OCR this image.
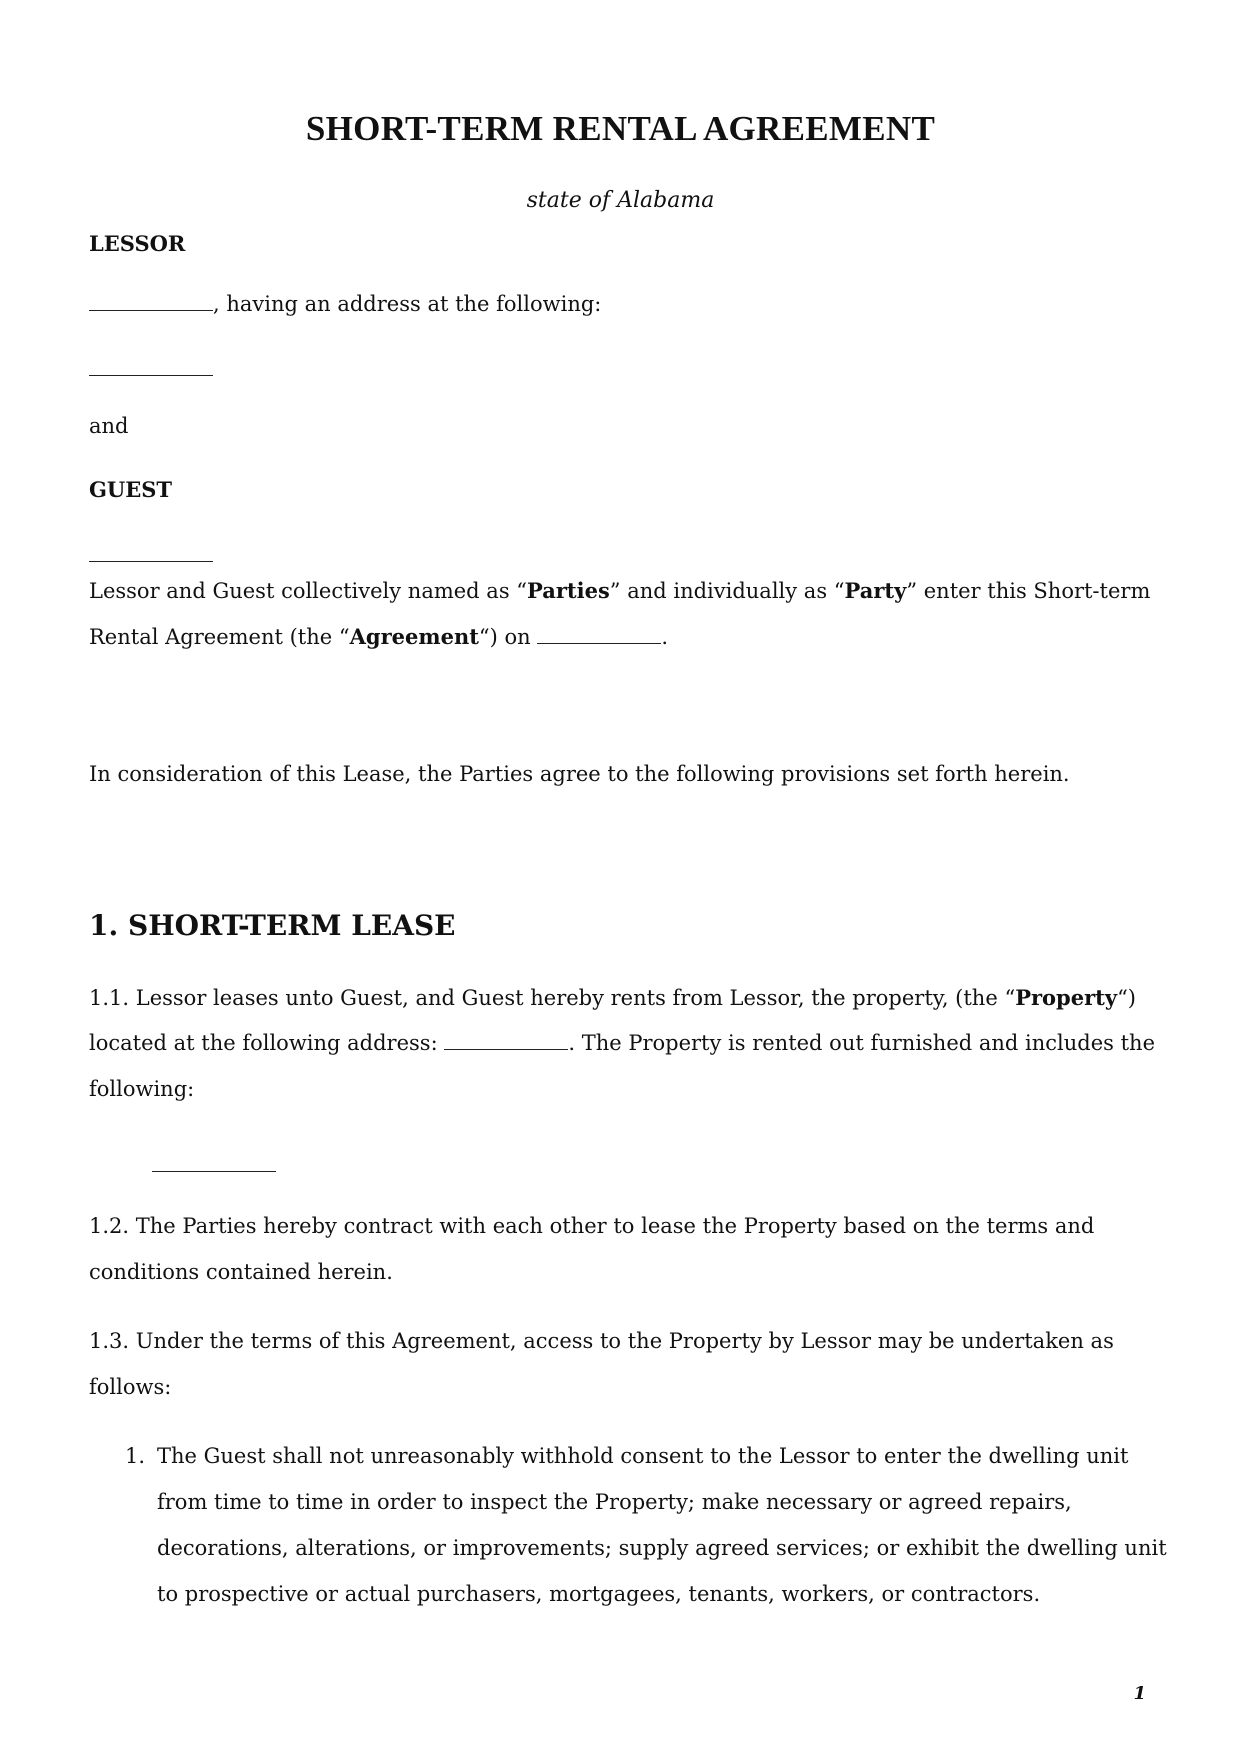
SHORT-TERM RENTAL AGREEMENT
state of Alabama
LESSOR
, having an address at the following:
and
GUEST
Lessor and Guest collectively named as “Parties” and individually as “Party” enter this Short-term
Rental Agreement (the “Agreement“) on	.
In consideration of this Lease, the Parties agree to the following provisions set forth herein.
1. SHORT-TERM LEASE
1.1. Lessor leases unto Guest, and Guest hereby rents from Lessor, the property, (the “Property“)
located at the following address:	. The Property is rented out furnished and includes the
following:
1.2. The Parties hereby contract with each other to lease the Property based on the terms and
conditions contained herein.
1.3. Under the terms of this Agreement, access to the Property by Lessor may be undertaken as
follows:
1. The Guest shall not unreasonably withhold consent to the Lessor to enter the dwelling unit
from time to time in order to inspect the Property; make necessary or agreed repairs,
decorations, alterations, or improvements; supply agreed services; or exhibit the dwelling unit
to prospective or actual purchasers, mortgagees, tenants, workers, or contractors.
1
